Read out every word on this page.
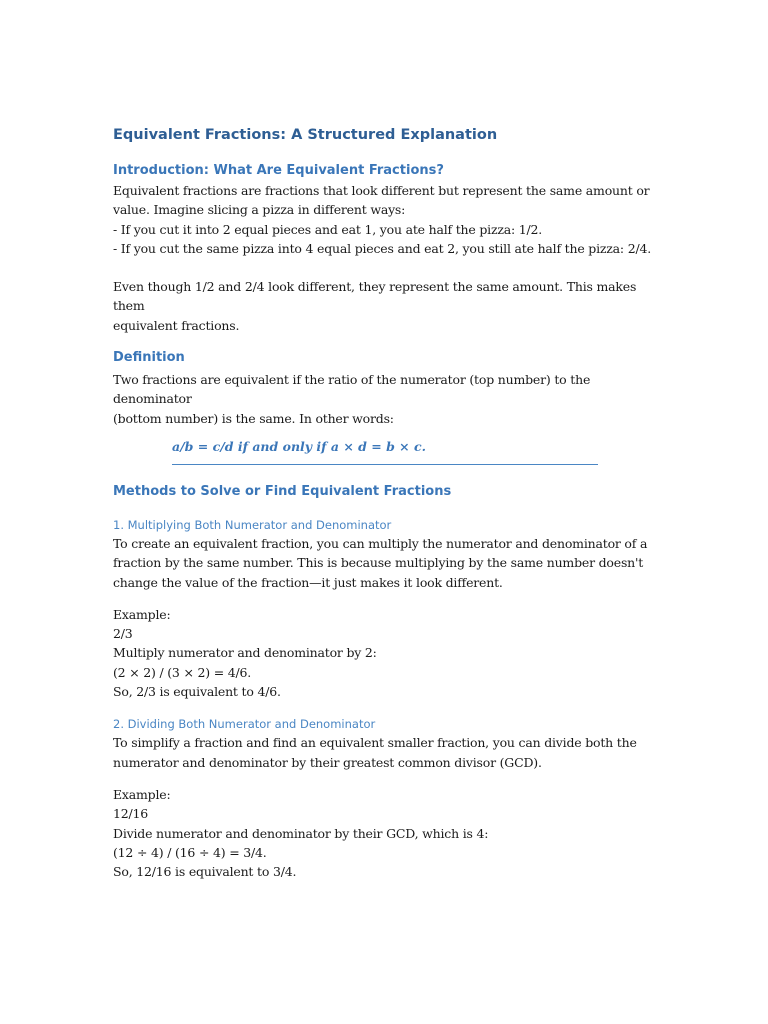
Equivalent Fractions: A Structured Explanation
Introduction: What Are Equivalent Fractions?
Equivalent fractions are fractions that look different but represent the same amount or
value. Imagine slicing a pizza in different ways:
- If you cut it into 2 equal pieces and eat 1, you ate half the pizza: 1/2.
- If you cut the same pizza into 4 equal pieces and eat 2, you still ate half the pizza: 2/4.
Even though 1/2 and 2/4 look different, they represent the same amount. This makes them
equivalent fractions.
Definition
Two fractions are equivalent if the ratio of the numerator (top number) to the denominator
(bottom number) is the same. In other words:
a/b = c/d if and only if a × d = b × c.
Methods to Solve or Find Equivalent Fractions
1. Multiplying Both Numerator and Denominator
To create an equivalent fraction, you can multiply the numerator and denominator of a
fraction by the same number. This is because multiplying by the same number doesn't
change the value of the fraction—it just makes it look different.
Example:
2/3
Multiply numerator and denominator by 2:
(2 × 2) / (3 × 2) = 4/6.
So, 2/3 is equivalent to 4/6.
2. Dividing Both Numerator and Denominator
To simplify a fraction and find an equivalent smaller fraction, you can divide both the
numerator and denominator by their greatest common divisor (GCD).
Example:
12/16
Divide numerator and denominator by their GCD, which is 4:
(12 ÷ 4) / (16 ÷ 4) = 3/4.
So, 12/16 is equivalent to 3/4.
